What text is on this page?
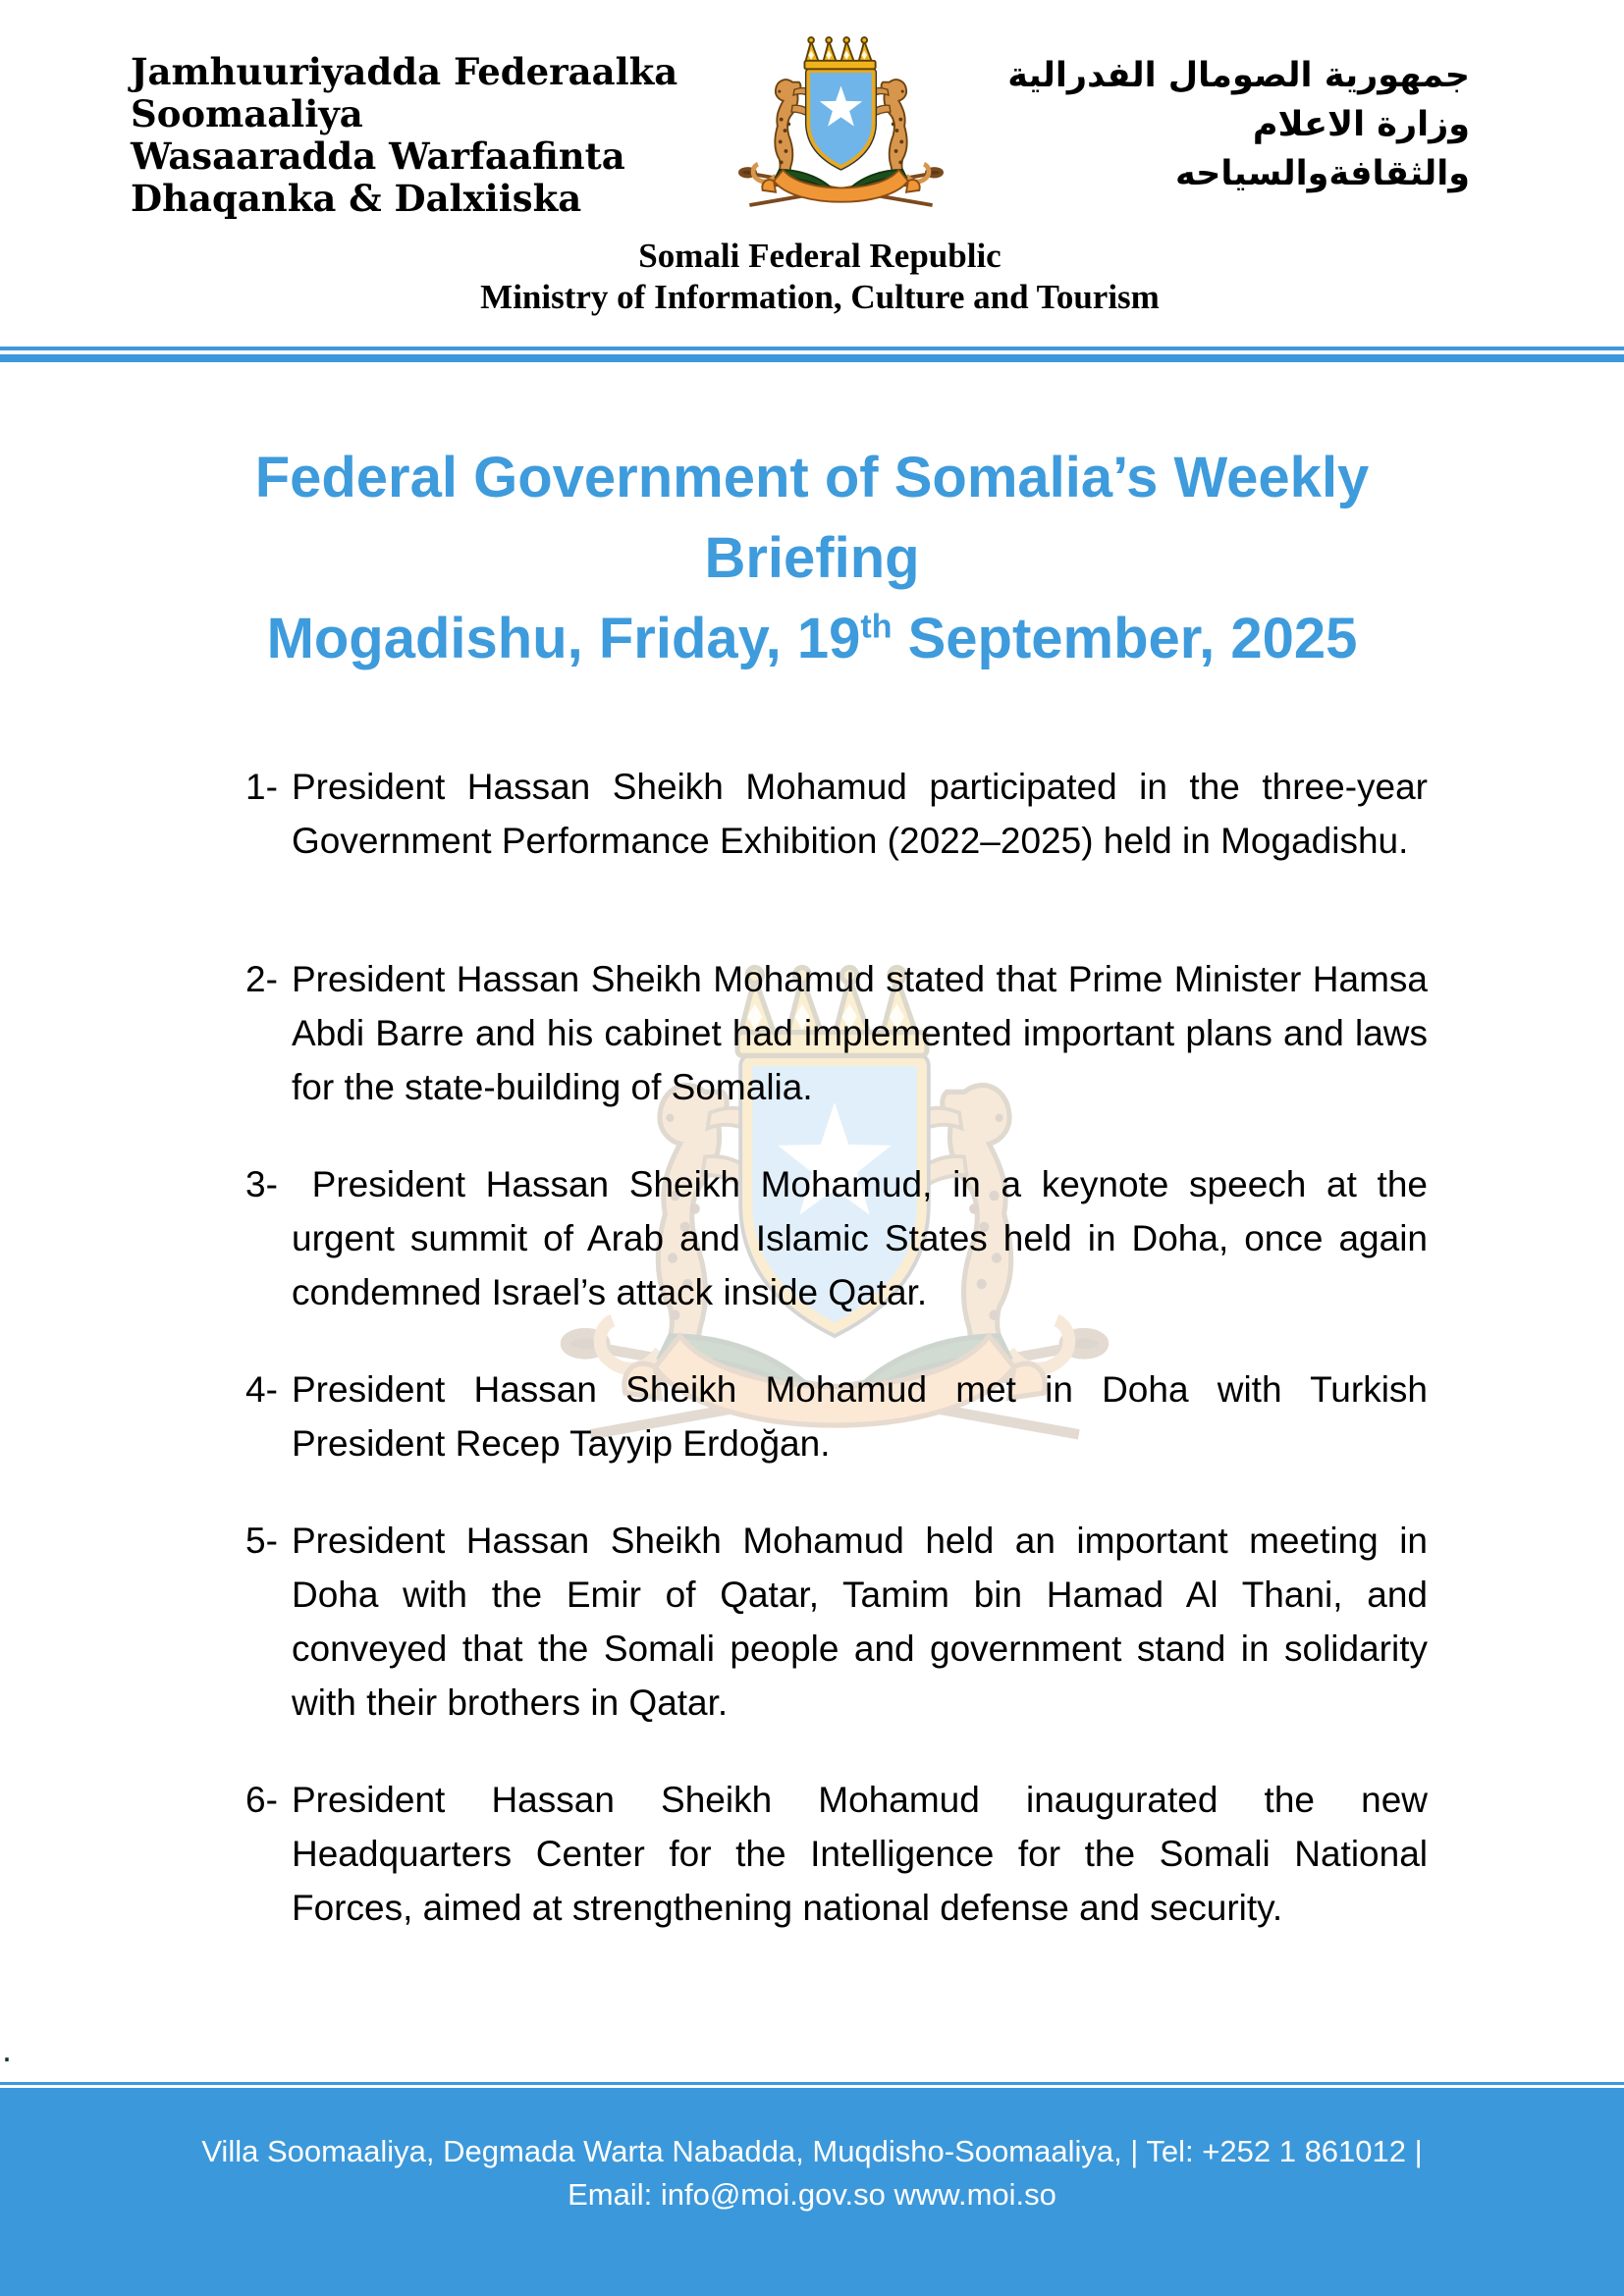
Jamhuuriyadda Federaalka
Soomaaliya
Wasaaradda Warfaafinta
Dhaqanka & Dalxiiska
جمهورية الصومال الفدرالية
وزارة الاعلام
والثقافةوالسياحه
Somali Federal Republic
Ministry of Information, Culture and Tourism
Federal Government of Somalia’s Weekly
Briefing
Mogadishu, Friday, 19th September, 2025
1- President Hassan Sheikh Mohamud participated in the three-year Government Performance Exhibition (2022–2025) held in Mogadishu.
2- President Hassan Sheikh Mohamud stated that Prime Minister Hamsa Abdi Barre and his cabinet had implemented important plans and laws for the state-building of Somalia.
3- President Hassan Sheikh Mohamud, in a keynote speech at the urgent summit of Arab and Islamic States held in Doha, once again condemned Israel’s attack inside Qatar.
4- President Hassan Sheikh Mohamud met in Doha with Turkish President Recep Tayyip Erdoğan.
5- President Hassan Sheikh Mohamud held an important meeting in Doha with the Emir of Qatar, Tamim bin Hamad Al Thani, and conveyed that the Somali people and government stand in solidarity with their brothers in Qatar.
6- President Hassan Sheikh Mohamud inaugurated the new Headquarters Center for the Intelligence for the Somali National Forces, aimed at strengthening national defense and security.
.
Villa Soomaaliya, Degmada Warta Nabadda, Muqdisho-Soomaaliya, | Tel: +252 1 861012 |
Email: info@moi.gov.so www.moi.so
